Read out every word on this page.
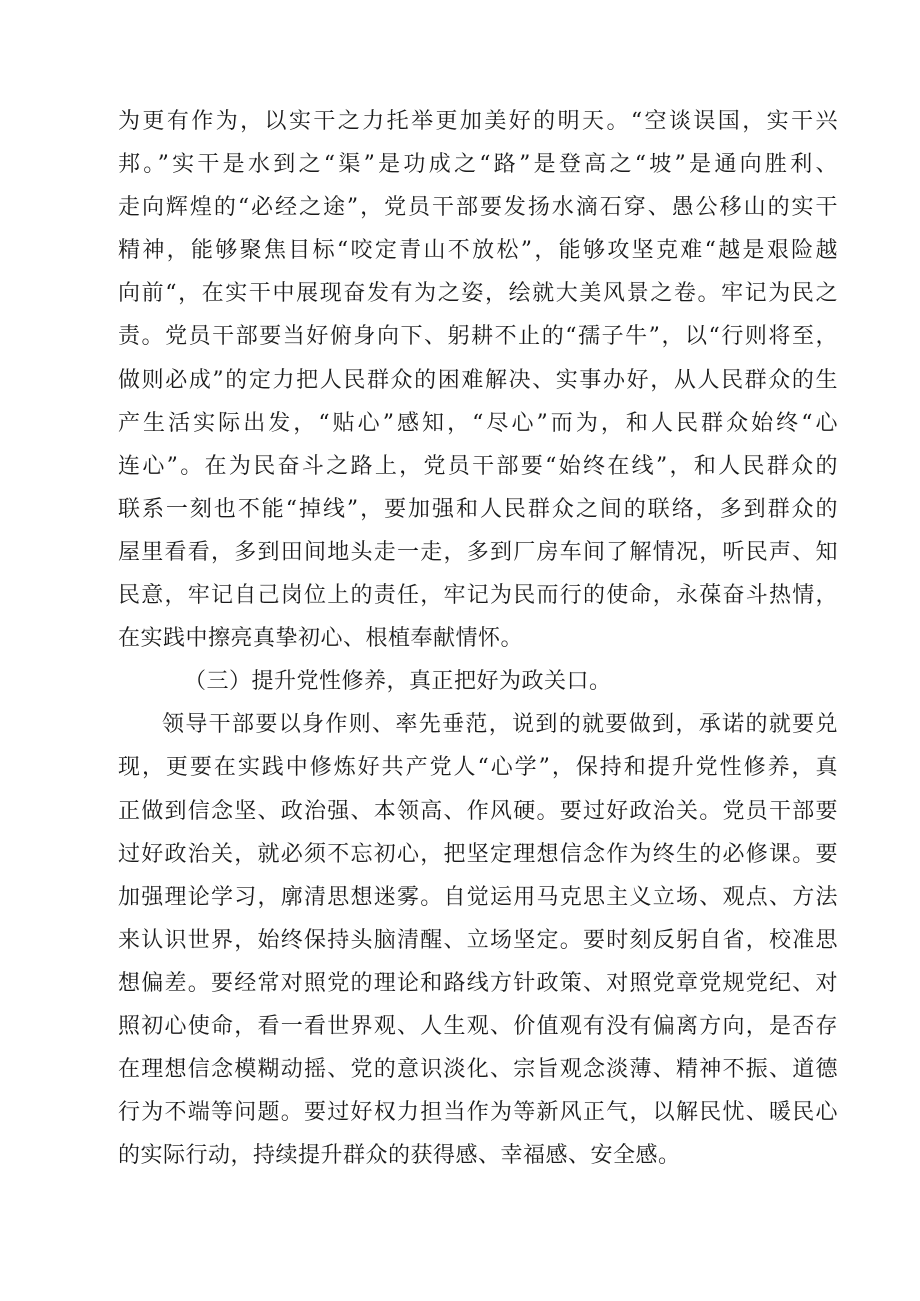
为更有作为，以实干之力托举更加美好的明天。“空谈误国，实干兴
邦。”实干是水到之“渠”是功成之“路”是登高之“坡”是通向胜利、
走向辉煌的“必经之途”，党员干部要发扬水滴石穿、愚公移山的实干
精神，能够聚焦目标“咬定青山不放松”，能够攻坚克难“越是艰险越
向前“，在实干中展现奋发有为之姿，绘就大美风景之卷。牢记为民之
责。党员干部要当好俯身向下、躬耕不止的“孺子牛”，以“行则将至，
做则必成”的定力把人民群众的困难解决、实事办好，从人民群众的生
产生活实际出发，“贴心”感知，“尽心”而为，和人民群众始终“心
连心”。在为民奋斗之路上，党员干部要“始终在线”，和人民群众的
联系一刻也不能“掉线”，要加强和人民群众之间的联络，多到群众的
屋里看看，多到田间地头走一走，多到厂房车间了解情况，听民声、知
民意，牢记自己岗位上的责任，牢记为民而行的使命，永葆奋斗热情，
在实践中擦亮真挚初心、根植奉献情怀。
（三）提升党性修养，真正把好为政关口。
领导干部要以身作则、率先垂范，说到的就要做到，承诺的就要兑
现，更要在实践中修炼好共产党人“心学”，保持和提升党性修养，真
正做到信念坚、政治强、本领高、作风硬。要过好政治关。党员干部要
过好政治关，就必须不忘初心，把坚定理想信念作为终生的必修课。要
加强理论学习，廓清思想迷雾。自觉运用马克思主义立场、观点、方法
来认识世界，始终保持头脑清醒、立场坚定。要时刻反躬自省，校准思
想偏差。要经常对照党的理论和路线方针政策、对照党章党规党纪、对
照初心使命，看一看世界观、人生观、价值观有没有偏离方向，是否存
在理想信念模糊动摇、党的意识淡化、宗旨观念淡薄、精神不振、道德
行为不端等问题。要过好权力担当作为等新风正气，以解民忧、暖民心
的实际行动，持续提升群众的获得感、幸福感、安全感。
